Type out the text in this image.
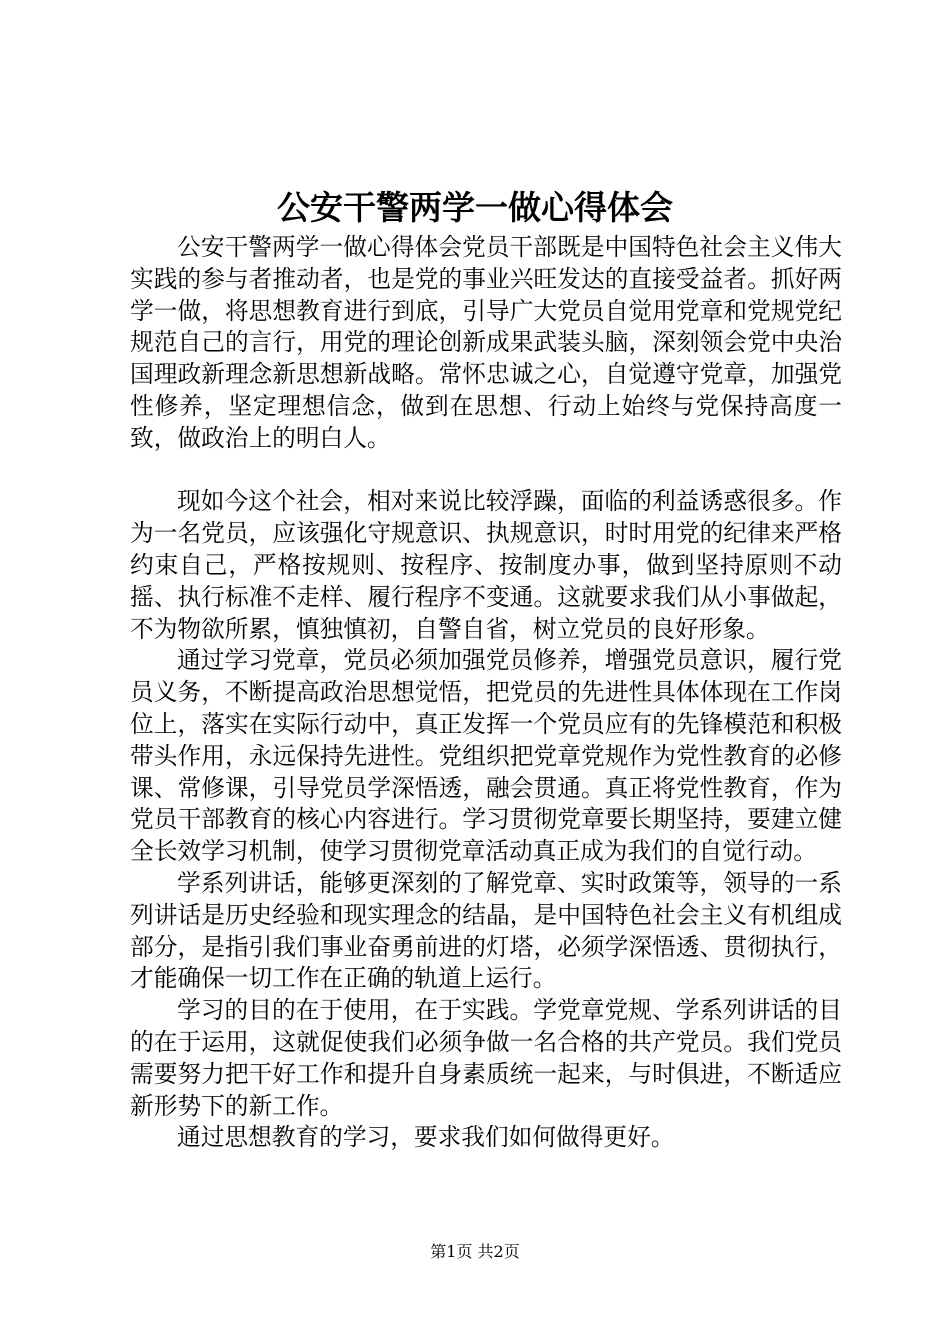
公安干警两学一做心得体会

公安干警两学一做心得体会党员干部既是中国特色社会主义伟大实践的参与者推动者，也是党的事业兴旺发达的直接受益者。抓好两学一做，将思想教育进行到底，引导广大党员自觉用党章和党规党纪规范自己的言行，用党的理论创新成果武装头脑，深刻领会党中央治国理政新理念新思想新战略。常怀忠诚之心，自觉遵守党章，加强党性修养，坚定理想信念，做到在思想、行动上始终与党保持高度一致，做政治上的明白人。

现如今这个社会，相对来说比较浮躁，面临的利益诱惑很多。作为一名党员，应该强化守规意识、执规意识，时时用党的纪律来严格约束自己，严格按规则、按程序、按制度办事，做到坚持原则不动摇、执行标准不走样、履行程序不变通。这就要求我们从小事做起，不为物欲所累，慎独慎初，自警自省，树立党员的良好形象。

通过学习党章，党员必须加强党员修养，增强党员意识，履行党员义务，不断提高政治思想觉悟，把党员的先进性具体体现在工作岗位上，落实在实际行动中，真正发挥一个党员应有的先锋模范和积极带头作用，永远保持先进性。党组织把党章党规作为党性教育的必修课、常修课，引导党员学深悟透，融会贯通。真正将党性教育，作为党员干部教育的核心内容进行。学习贯彻党章要长期坚持，要建立健全长效学习机制，使学习贯彻党章活动真正成为我们的自觉行动。

学系列讲话，能够更深刻的了解党章、实时政策等，领导的一系列讲话是历史经验和现实理念的结晶，是中国特色社会主义有机组成部分，是指引我们事业奋勇前进的灯塔，必须学深悟透、贯彻执行，才能确保一切工作在正确的轨道上运行。

学习的目的在于使用，在于实践。学党章党规、学系列讲话的目的在于运用，这就促使我们必须争做一名合格的共产党员。我们党员需要努力把干好工作和提升自身素质统一起来，与时俱进，不断适应新形势下的新工作。

通过思想教育的学习，要求我们如何做得更好。

第1页 共2页
